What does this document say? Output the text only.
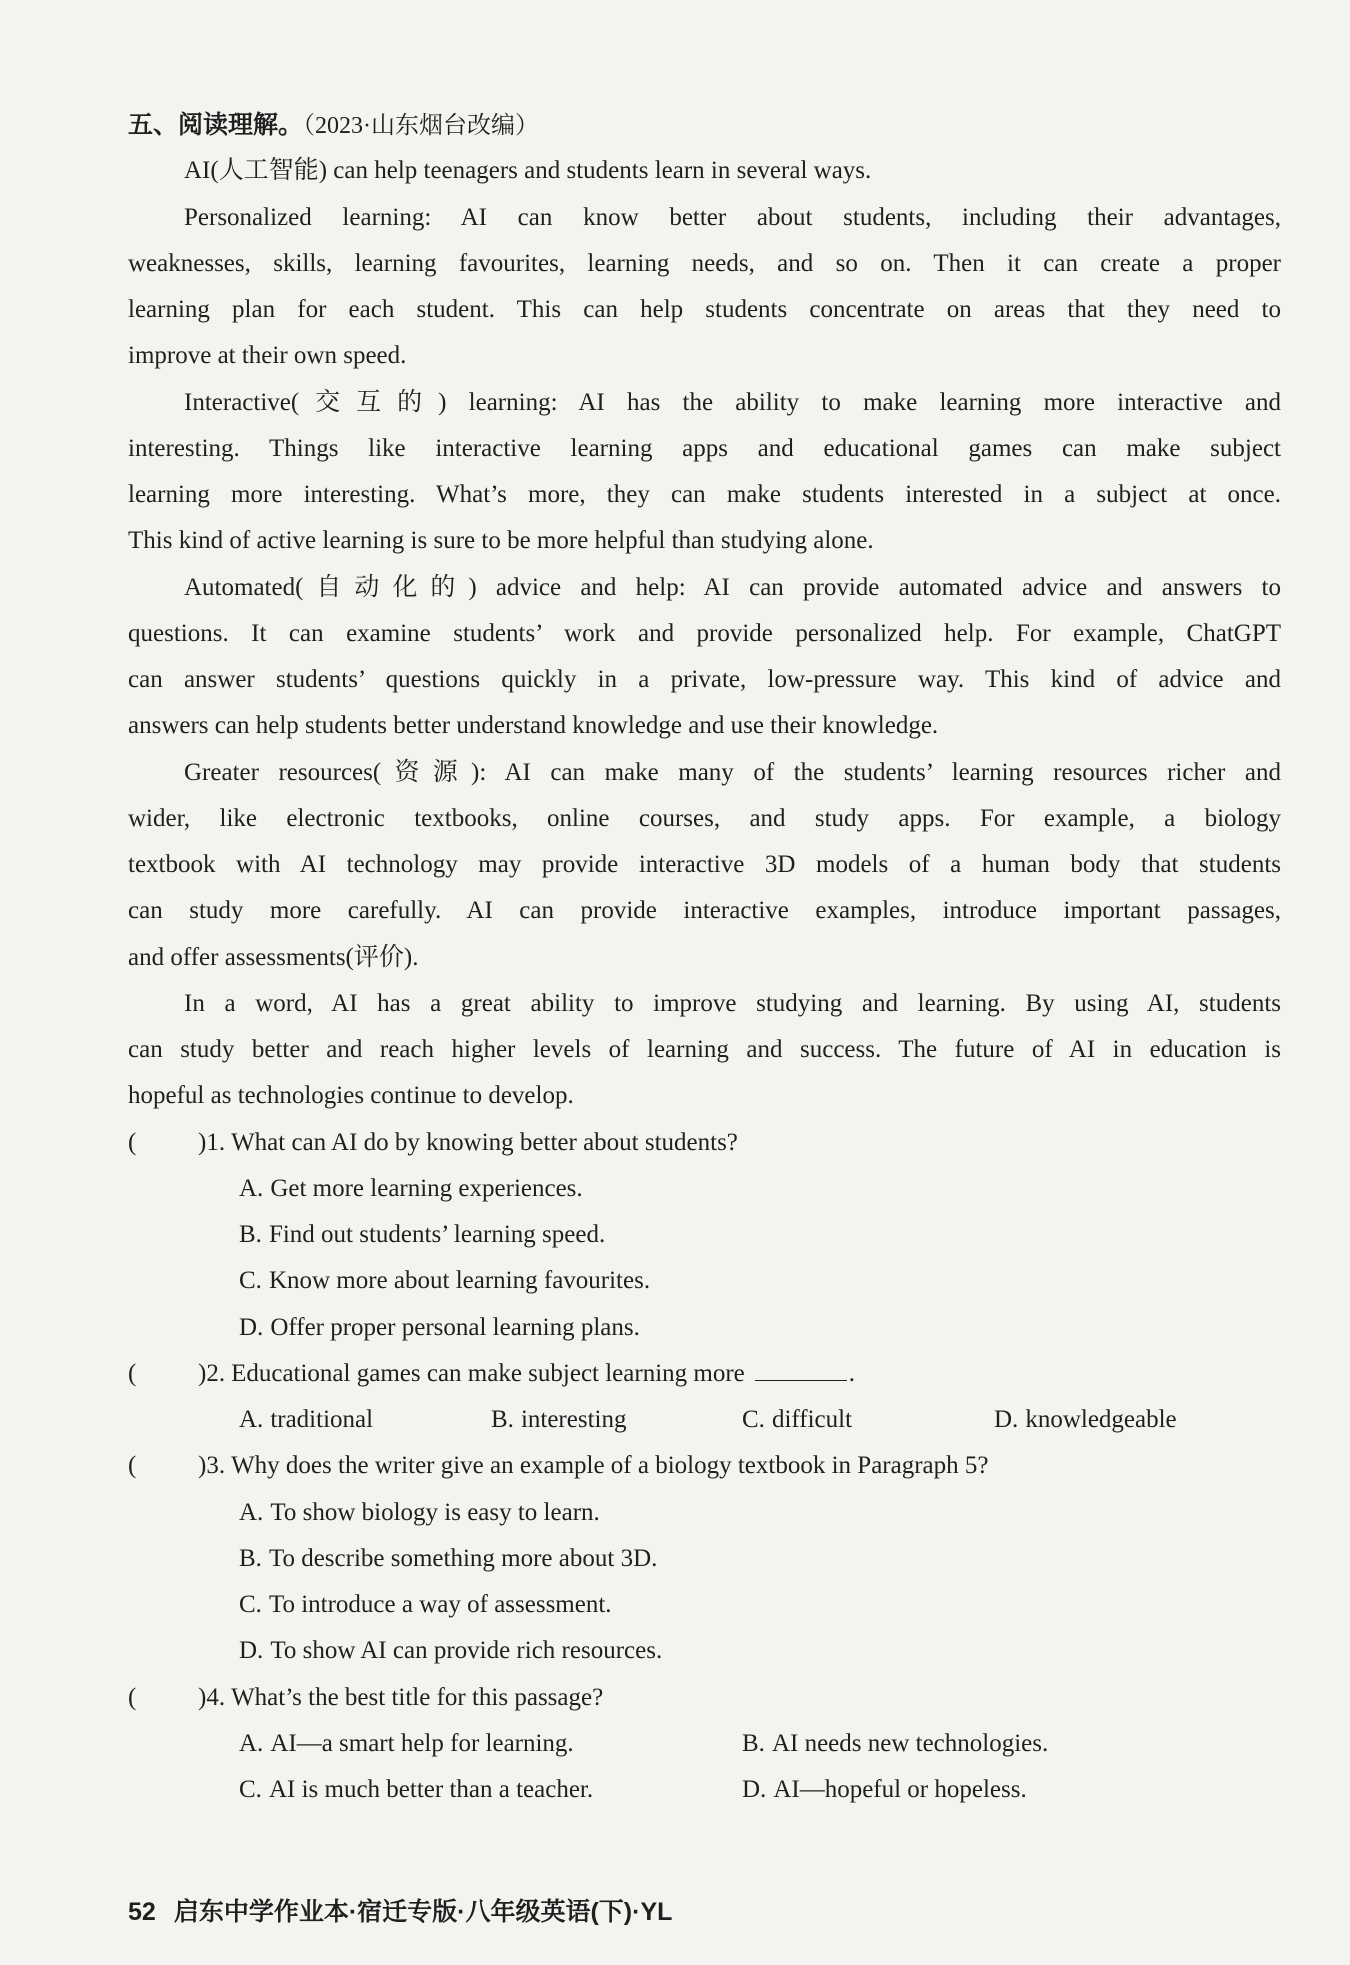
五、阅读理解。（2023·山东烟台改编）
AI(人工智能) can help teenagers and students learn in several ways.
Personalized learning: AI can know better about students, including their advantages,
weaknesses, skills, learning favourites, learning needs, and so on. Then it can create a proper
learning plan for each student. This can help students concentrate on areas that they need to
improve at their own speed.
Interactive(交互的) learning: AI has the ability to make learning more interactive and
interesting. Things like interactive learning apps and educational games can make subject
learning more interesting. What’s more, they can make students interested in a subject at once.
This kind of active learning is sure to be more helpful than studying alone.
Automated(自动化的) advice and help: AI can provide automated advice and answers to
questions. It can examine students’ work and provide personalized help. For example, ChatGPT
can answer students’ questions quickly in a private, low-pressure way. This kind of advice and
answers can help students better understand knowledge and use their knowledge.
Greater resources(资源): AI can make many of the students’ learning resources richer and
wider, like electronic textbooks, online courses, and study apps. For example, a biology
textbook with AI technology may provide interactive 3D models of a human body that students
can study more carefully. AI can provide interactive examples, introduce important passages,
and offer assessments(评价).
In a word, AI has a great ability to improve studying and learning. By using AI, students
can study better and reach higher levels of learning and success. The future of AI in education is
hopeful as technologies continue to develop.
( )1. What can AI do by knowing better about students?
A. Get more learning experiences.
B. Find out students’ learning speed.
C. Know more about learning favourites.
D. Offer proper personal learning plans.
( )2. Educational games can make subject learning more	.
A. traditional	B. interesting	C. difficult	D. knowledgeable
( )3. Why does the writer give an example of a biology textbook in Paragraph 5?
A. To show biology is easy to learn.
B. To describe something more about 3D.
C. To introduce a way of assessment.
D. To show AI can provide rich resources.
( )4. What’s the best title for this passage?
A. AI—a smart help for learning.	B. AI needs new technologies.
C. AI is much better than a teacher.	D. AI—hopeful or hopeless.
52 启东中学作业本·宿迁专版·八年级英语(下)·YL
